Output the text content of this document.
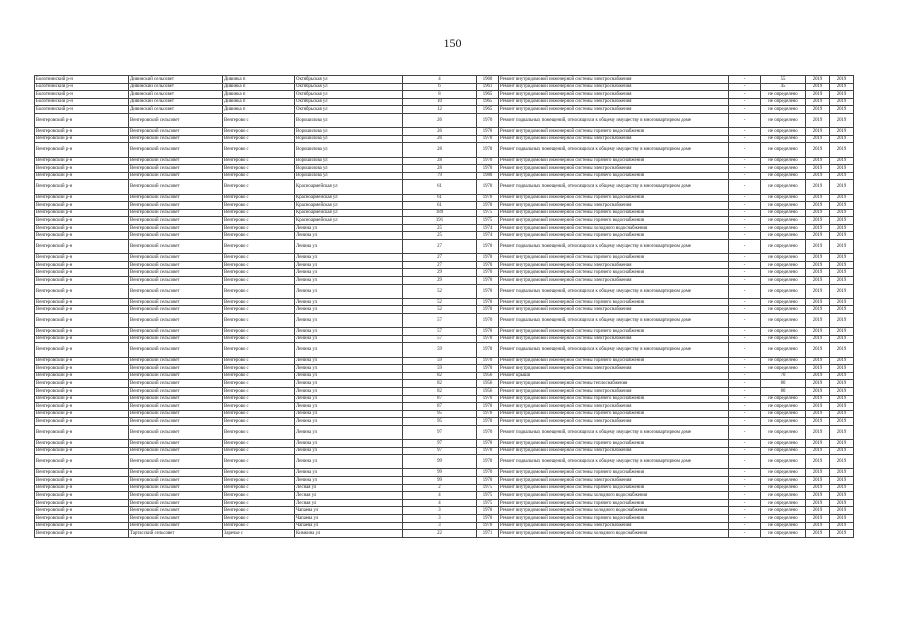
150
Болотнинский р-н	Дивинский сельсовет	Дивинка п	Октябрьская ул	4	1960	Ремонт внутридомовой инженерной системы электроснабжения	-	55	2019	2019
Болотнинский р-н	Дивинский сельсовет	Дивинка п	Октябрьская ул	6	1961	Ремонт внутридомовой инженерной системы электроснабжения	-	45	2019	2019
Болотнинский р-н	Дивинский сельсовет	Дивинка п	Октябрьская ул	8	1965	Ремонт внутридомовой инженерной системы электроснабжения	-	не определено	2019	2019
Болотнинский р-н	Дивинский сельсовет	Дивинка п	Октябрьская ул	10	1965	Ремонт внутридомовой инженерной системы электроснабжения	-	не определено	2019	2019
Болотнинский р-н	Дивинский сельсовет	Дивинка п	Октябрьская ул	12	1965	Ремонт внутридомовой инженерной системы электроснабжения	-	не определено	2019	2019
Венгеровский р-н	Венгеровский сельсовет	Венгерово с	Ворошилова ул	26	1970	Ремонт подвальных помещений, относящихся к общему имуществу в многоквартирном доме	-	не определено	2019	2019
Венгеровский р-н	Венгеровский сельсовет	Венгерово с	Ворошилова ул	26	1970	Ремонт внутридомовой инженерной системы горячего водоснабжения	-	не определено	2019	2019
Венгеровский р-н	Венгеровский сельсовет	Венгерово с	Ворошилова ул	26	1970	Ремонт внутридомовой инженерной системы электроснабжения	-	не определено	2019	2019
Венгеровский р-н	Венгеровский сельсовет	Венгерово с	Ворошилова ул	28	1970	Ремонт подвальных помещений, относящихся к общему имуществу в многоквартирном доме	-	не определено	2019	2019
Венгеровский р-н	Венгеровский сельсовет	Венгерово с	Ворошилова ул	28	1970	Ремонт внутридомовой инженерной системы горячего водоснабжения	-	не определено	2019	2019
Венгеровский р-н	Венгеровский сельсовет	Венгерово с	Ворошилова ул	28	1970	Ремонт внутридомовой инженерной системы электроснабжения	-	не определено	2019	2019
Венгеровский р-н	Венгеровский сельсовет	Венгерово с	Ворошилова ул	79	1980	Ремонт внутридомовой инженерной системы горячего водоснабжения	-	не определено	2019	2019
Венгеровский р-н	Венгеровский сельсовет	Венгерово с	Красноармейская ул	61	1970	Ремонт подвальных помещений, относящихся к общему имуществу в многоквартирном доме	-	не определено	2019	2019
Венгеровский р-н	Венгеровский сельсовет	Венгерово с	Красноармейская ул	61	1970	Ремонт внутридомовой инженерной системы горячего водоснабжения	-	не определено	2019	2019
Венгеровский р-н	Венгеровский сельсовет	Венгерово с	Красноармейская ул	61	1970	Ремонт внутридомовой инженерной системы электроснабжения	-	не определено	2019	2019
Венгеровский р-н	Венгеровский сельсовет	Венгерово с	Красноармейская ул	189	1975	Ремонт внутридомовой инженерной системы горячего водоснабжения	-	не определено	2019	2019
Венгеровский р-н	Венгеровский сельсовет	Венгерово с	Красноармейская ул	191	1975	Ремонт внутридомовой инженерной системы горячего водоснабжения	-	не определено	2019	2019
Венгеровский р-н	Венгеровский сельсовет	Венгерово с	Ленина ул	25	1974	Ремонт внутридомовой инженерной системы холодного водоснабжения	-	не определено	2019	2019
Венгеровский р-н	Венгеровский сельсовет	Венгерово с	Ленина ул	25	1974	Ремонт внутридомовой инженерной системы горячего водоснабжения	-	не определено	2019	2019
Венгеровский р-н	Венгеровский сельсовет	Венгерово с	Ленина ул	27	1970	Ремонт подвальных помещений, относящихся к общему имуществу в многоквартирном доме	-	не определено	2019	2019
Венгеровский р-н	Венгеровский сельсовет	Венгерово с	Ленина ул	27	1970	Ремонт внутридомовой инженерной системы горячего водоснабжения	-	не определено	2019	2019
Венгеровский р-н	Венгеровский сельсовет	Венгерово с	Ленина ул	27	1970	Ремонт внутридомовой инженерной системы электроснабжения	-	не определено	2019	2019
Венгеровский р-н	Венгеровский сельсовет	Венгерово с	Ленина ул	29	1970	Ремонт внутридомовой инженерной системы горячего водоснабжения	-	не определено	2019	2019
Венгеровский р-н	Венгеровский сельсовет	Венгерово с	Ленина ул	29	1970	Ремонт внутридомовой инженерной системы электроснабжения	-	не определено	2019	2019
Венгеровский р-н	Венгеровский сельсовет	Венгерово с	Ленина ул	52	1970	Ремонт подвальных помещений, относящихся к общему имуществу в многоквартирном доме	-	не определено	2019	2019
Венгеровский р-н	Венгеровский сельсовет	Венгерово с	Ленина ул	52	1970	Ремонт внутридомовой инженерной системы горячего водоснабжения	-	не определено	2019	2019
Венгеровский р-н	Венгеровский сельсовет	Венгерово с	Ленина ул	52	1970	Ремонт внутридомовой инженерной системы электроснабжения	-	не определено	2019	2019
Венгеровский р-н	Венгеровский сельсовет	Венгерово с	Ленина ул	57	1970	Ремонт подвальных помещений, относящихся к общему имуществу в многоквартирном доме	-	не определено	2019	2019
Венгеровский р-н	Венгеровский сельсовет	Венгерово с	Ленина ул	57	1970	Ремонт внутридомовой инженерной системы горячего водоснабжения	-	не определено	2019	2019
Венгеровский р-н	Венгеровский сельсовет	Венгерово с	Ленина ул	57	1970	Ремонт внутридомовой инженерной системы электроснабжения	-	не определено	2019	2019
Венгеровский р-н	Венгеровский сельсовет	Венгерово с	Ленина ул	59	1970	Ремонт подвальных помещений, относящихся к общему имуществу в многоквартирном доме	-	не определено	2019	2019
Венгеровский р-н	Венгеровский сельсовет	Венгерово с	Ленина ул	59	1970	Ремонт внутридомовой инженерной системы горячего водоснабжения	-	не определено	2019	2019
Венгеровский р-н	Венгеровский сельсовет	Венгерово с	Ленина ул	59	1970	Ремонт внутридомовой инженерной системы электроснабжения	-	не определено	2019	2019
Венгеровский р-н	Венгеровский сельсовет	Венгерово с	Ленина ул	82	1956	Ремонт крыши	-	70	2019	2019
Венгеровский р-н	Венгеровский сельсовет	Венгерово с	Ленина ул	82	1956	Ремонт внутридомовой инженерной системы теплоснабжения	-	80	2019	2019
Венгеровский р-н	Венгеровский сельсовет	Венгерово с	Ленина ул	82	1956	Ремонт внутридомовой инженерной системы электроснабжения	-	80	2019	2019
Венгеровский р-н	Венгеровский сельсовет	Венгерово с	Ленина ул	87	1970	Ремонт внутридомовой инженерной системы горячего водоснабжения	-	не определено	2019	2019
Венгеровский р-н	Венгеровский сельсовет	Венгерово с	Ленина ул	87	1970	Ремонт внутридомовой инженерной системы электроснабжения	-	не определено	2019	2019
Венгеровский р-н	Венгеровский сельсовет	Венгерово с	Ленина ул	95	1970	Ремонт внутридомовой инженерной системы горячего водоснабжения	-	не определено	2019	2019
Венгеровский р-н	Венгеровский сельсовет	Венгерово с	Ленина ул	95	1970	Ремонт внутридомовой инженерной системы электроснабжения	-	не определено	2019	2019
Венгеровский р-н	Венгеровский сельсовет	Венгерово с	Ленина ул	97	1970	Ремонт подвальных помещений, относящихся к общему имуществу в многоквартирном доме	-	не определено	2019	2019
Венгеровский р-н	Венгеровский сельсовет	Венгерово с	Ленина ул	97	1970	Ремонт внутридомовой инженерной системы горячего водоснабжения	-	не определено	2019	2019
Венгеровский р-н	Венгеровский сельсовет	Венгерово с	Ленина ул	97	1970	Ремонт внутридомовой инженерной системы электроснабжения	-	не определено	2019	2019
Венгеровский р-н	Венгеровский сельсовет	Венгерово с	Ленина ул	99	1970	Ремонт подвальных помещений, относящихся к общему имуществу в многоквартирном доме	-	не определено	2019	2019
Венгеровский р-н	Венгеровский сельсовет	Венгерово с	Ленина ул	99	1970	Ремонт внутридомовой инженерной системы горячего водоснабжения	-	не определено	2019	2019
Венгеровский р-н	Венгеровский сельсовет	Венгерово с	Ленина ул	99	1970	Ремонт внутридомовой инженерной системы электроснабжения	-	не определено	2019	2019
Венгеровский р-н	Венгеровский сельсовет	Венгерово с	Лесная ул	2	1975	Ремонт внутридомовой инженерной системы горячего водоснабжения	-	не определено	2019	2019
Венгеровский р-н	Венгеровский сельсовет	Венгерово с	Лесная ул	4	1975	Ремонт внутридомовой инженерной системы холодного водоснабжения	-	не определено	2019	2019
Венгеровский р-н	Венгеровский сельсовет	Венгерово с	Лесная ул	4	1975	Ремонт внутридомовой инженерной системы горячего водоснабжения	-	не определено	2019	2019
Венгеровский р-н	Венгеровский сельсовет	Венгерово с	Чапаева ул	3	1970	Ремонт внутридомовой инженерной системы холодного водоснабжения	-	не определено	2019	2019
Венгеровский р-н	Венгеровский сельсовет	Венгерово с	Чапаева ул	3	1970	Ремонт внутридомовой инженерной системы горячего водоснабжения	-	не определено	2019	2019
Венгеровский р-н	Венгеровский сельсовет	Венгерово с	Чапаева ул	3	1970	Ремонт внутридомовой инженерной системы электроснабжения	-	не определено	2019	2019
Венгеровский р-н	Тартасский сельсовет	Заречье с	Кимкина ул	22	1971	Ремонт внутридомовой инженерной системы холодного водоснабжения	-	не определено	2019	2019
